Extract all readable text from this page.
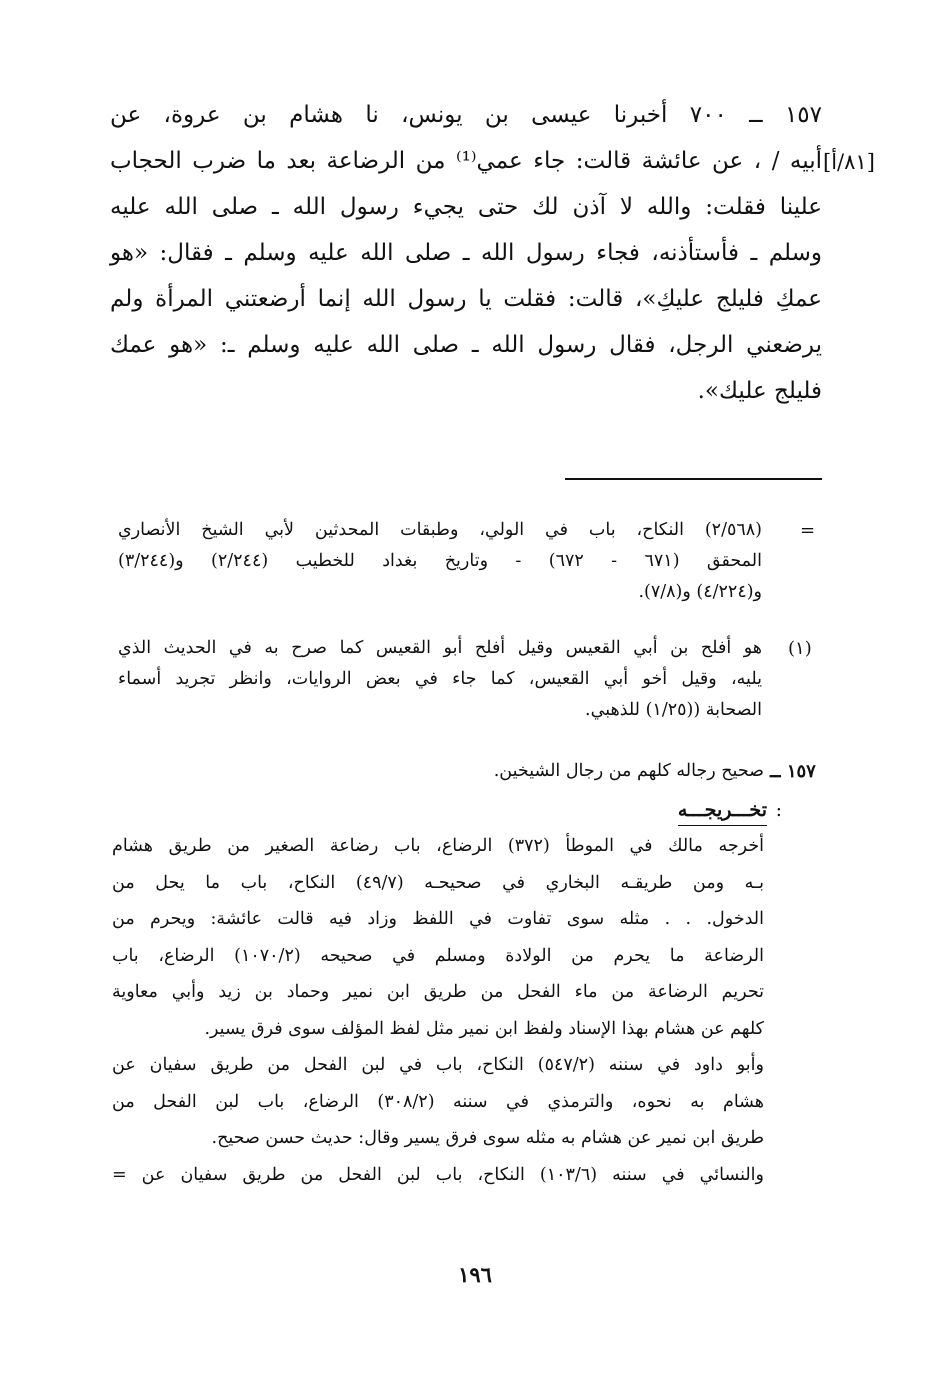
١٥٧ ــ ٧٠٠ أخبرنا عيسى بن يونس، نا هشام بن عروة، عن
أبيه / ، عن عائشة قالت: جاء عمي⁽¹⁾ من الرضاعة بعد ما ضرب الحجاب
علينا فقلت: والله لا آذن لك حتى يجيء رسول الله ـ صلى الله عليه
وسلم ـ فأستأذنه، فجاء رسول الله ـ صلى الله عليه وسلم ـ فقال: «هو
عمكِ فليلج عليكِ»، قالت: فقلت يا رسول الله إنما أرضعتني المرأة ولم
يرضعني الرجل، فقال رسول الله ـ صلى الله عليه وسلم ـ: «هو عمك
فليلج عليك».
[٨١/أ]
=
(٢/٥٦٨) النكاح، باب في الولي، وطبقات المحدثين لأبي الشيخ الأنصاري
المحقق (٦٧١ - ٦٧٢) - وتاريخ بغداد للخطيب (٢/٢٤٤) و(٣/٢٤٤)
و(٤/٢٢٤) و(٧/٨).
(١)
هو أفلح بن أبي القعيس وقيل أفلح أبو القعيس كما صرح به في الحديث الذي
يليه، وقيل أخو أبي القعيس، كما جاء في بعض الروايات، وانظر تجريد أسماء
الصحابة ((١/٢٥) للذهبي.
١٥٧ ــ
صحيح رجاله كلهم من رجال الشيخين.
تخـــريجـــه :
أخرجه مالك في الموطأ (٣٧٢) الرضاع، باب رضاعة الصغير من طريق هشام
بـه ومن طريقـه البخاري في صحيحـه (٤٩/٧) النكاح، باب ما يحل من
الدخول. . . مثله سوى تفاوت في اللفظ وزاد فيه قالت عائشة: ويحرم من
الرضاعة ما يحرم من الولادة ومسلم في صحيحه (١٠٧٠/٢) الرضاع، باب
تحريم الرضاعة من ماء الفحل من طريق ابن نمير وحماد بن زيد وأبي معاوية
كلهم عن هشام بهذا الإسناد ولفظ ابن نمير مثل لفظ المؤلف سوى فرق يسير.
وأبو داود في سننه (٥٤٧/٢) النكاح، باب في لبن الفحل من طريق سفيان عن
هشام به نحوه، والترمذي في سننه (٣٠٨/٢) الرضاع، باب لبن الفحل من
طريق ابن نمير عن هشام به مثله سوى فرق يسير وقال: حديث حسن صحيح.
والنسائي في سننه (١٠٣/٦) النكاح، باب لبن الفحل من طريق سفيان عن =
١٩٦
